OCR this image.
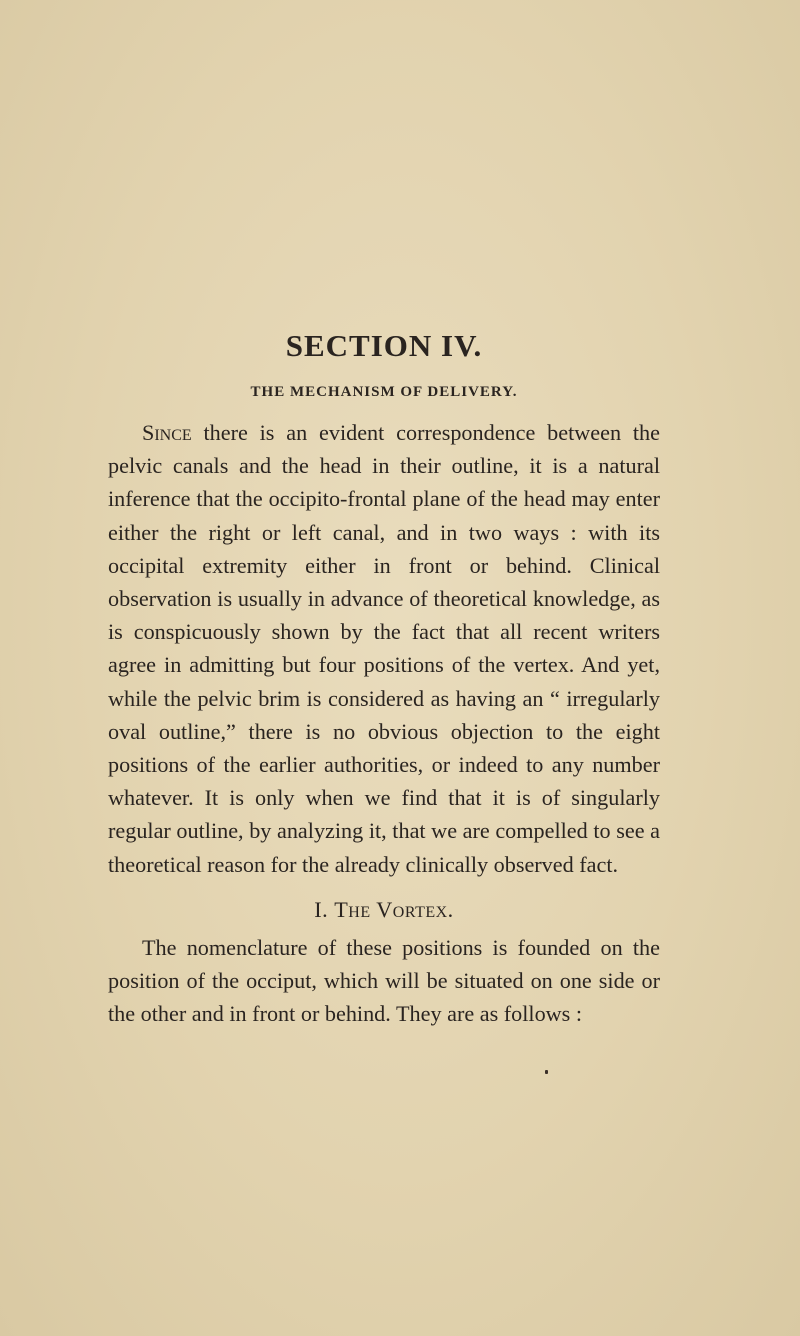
SECTION IV.
THE MECHANISM OF DELIVERY.

Since there is an evident correspondence between the pelvic canals and the head in their outline, it is a natural inference that the occipito-frontal plane of the head may enter either the right or left canal, and in two ways : with its occipital extremity either in front or behind. Clinical observation is usually in advance of theoretical knowledge, as is conspicuously shown by the fact that all recent writers agree in admitting but four positions of the vertex. And yet, while the pelvic brim is considered as having an “ irregularly oval outline,” there is no obvious objection to the eight positions of the earlier authorities, or indeed to any number whatever. It is only when we find that it is of singularly regular outline, by analyzing it, that we are compelled to see a theoretical reason for the already clinically observed fact.

I. The Vortex.

The nomenclature of these positions is founded on the position of the occiput, which will be situated on one side or the other and in front or behind. They are as follows :
